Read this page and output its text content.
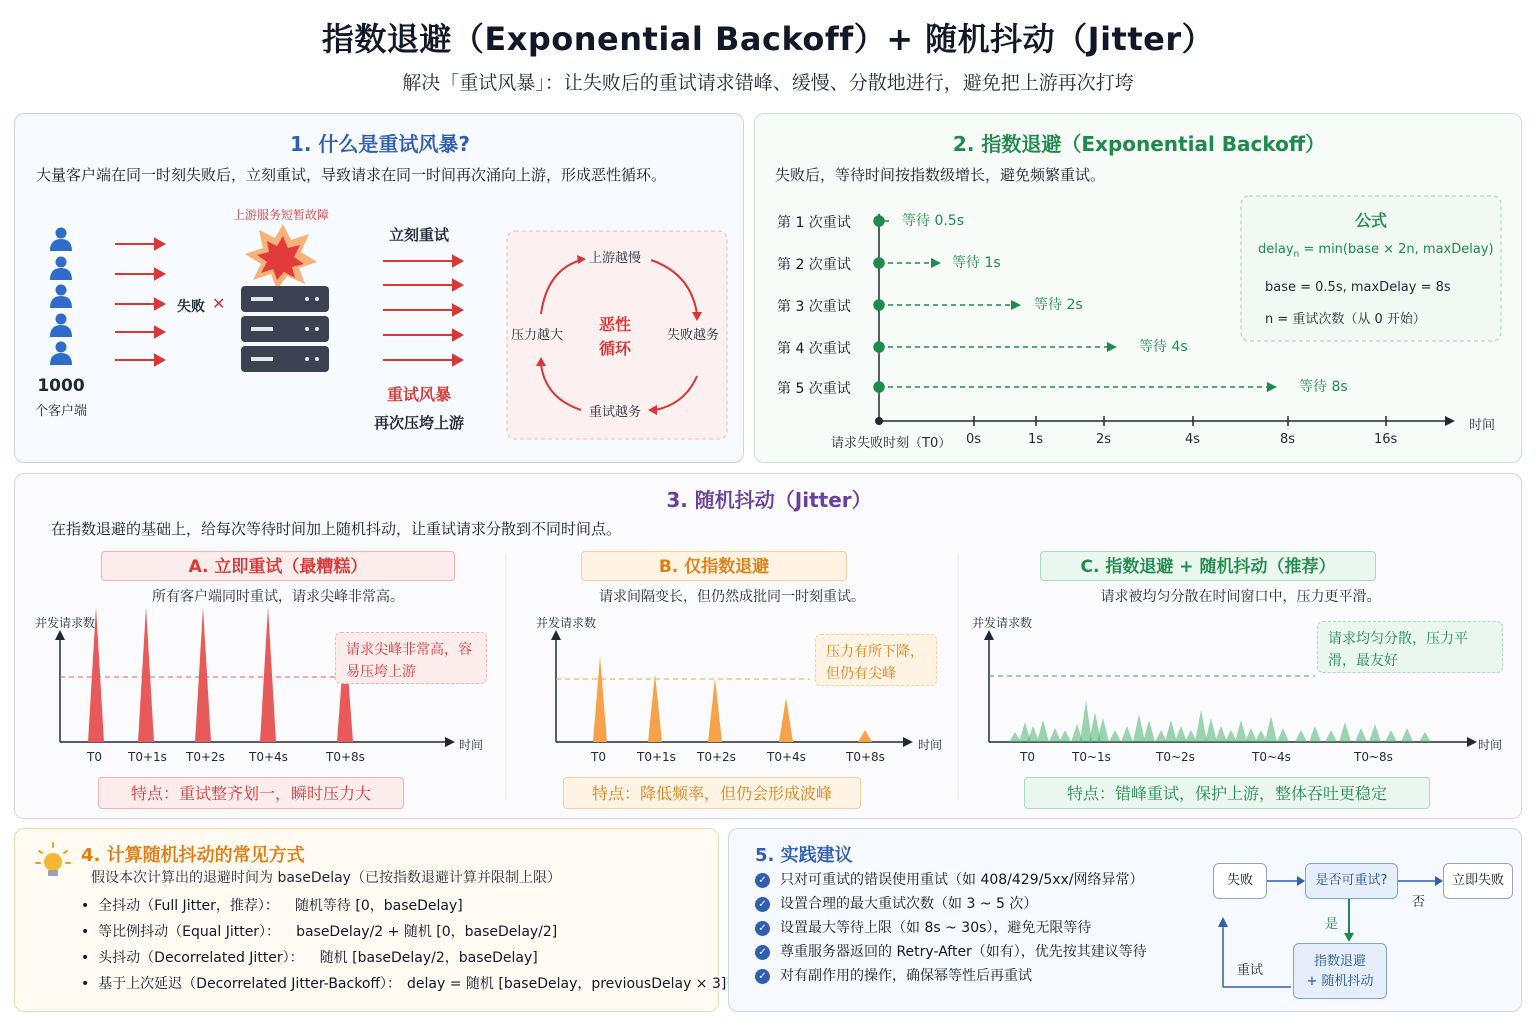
指数退避（Exponential Backoff）+ 随机抖动（Jitter）
解决「重试风暴」：让失败后的重试请求错峰、缓慢、分散地进行，避免把上游再次打垮
1. 什么是重试风暴?
大量客户端在同一时刻失败后，立刻重试，导致请求在同一时间再次涌向上游，形成恶性循环。
1000
个客户端
失败 ✕
上游服务短暂故障
立刻重试
重试风暴
再次压垮上游
上游越慢
失败越务
重试越务
压力越大
恶性
循环
2. 指数退避（Exponential Backoff）
失败后，等待时间按指数级增长，避免频繁重试。
第 1 次重试
第 2 次重试
第 3 次重试
第 4 次重试
第 5 次重试
等待 0.5s
等待 1s
等待 2s
等待 4s
等待 8s
请求失败时刻（T0） 0s	1s	2s	4s	8s	16s
时间
公式
delay$_n$ = min(base × 2n, maxDelay)
base = 0.5s, maxDelay = 8s
n = 重试次数（从 0 开始）
3. 随机抖动（Jitter）
在指数退避的基础上，给每次等待时间加上随机抖动，让重试请求分散到不同时间点。
A. 立即重试（最糟糕）
所有客户端同时重试，请求尖峰非常高。
并发请求数
时间
请求尖峰非常高，容易压垮上游
T0 T0+1s T0+2s T0+4s	T0+8s
特点：重试整齐划一，瞬时压力大
B. 仅指数退避
请求间隔变长，但仍然成批同一时刻重试。
并发请求数
时间
压力有所下降，但仍有尖峰
T0	T0+1s T0+2s	T0+4s	T0+8s
特点：降低频率，但仍会形成波峰
C. 指数退避 + 随机抖动（推荐）
请求被均匀分散在时间窗口中，压力更平滑。
并发请求数
时间
请求均匀分散，压力平滑，最友好
T0	T0~1s	T0~2s	T0~4s	T0~8s
特点：错峰重试，保护上游，整体吞吐更稳定
4. 计算随机抖动的常见方式
假设本次计算出的退避时间为 baseDelay（已按指数退避计算并限制上限）
•  全抖动（Full Jitter，推荐）： 随机等待 [0，baseDelay]
•  等比例抖动（Equal Jitter）： baseDelay/2 + 随机 [0，baseDelay/2]
•  头抖动（Decorrelated Jitter）： 随机 [baseDelay/2，baseDelay]
•  基于上次延迟（Decorrelated Jitter-Backoff）： delay = 随机 [baseDelay，previousDelay × 3]
5. 实践建议
✓ 只对可重试的错误使用重试（如 408/429/5xx/网络异常）
✓ 设置合理的最大重试次数（如 3 ~ 5 次）
✓ 设置最大等待上限（如 8s ~ 30s），避免无限等待
✓ 尊重服务器返回的 Retry-After（如有），优先按其建议等待
✓ 对有副作用的操作，确保幂等性后再重试
失败	是否可重试?	立即失败
否
是
指数退避
+ 随机抖动
重试
